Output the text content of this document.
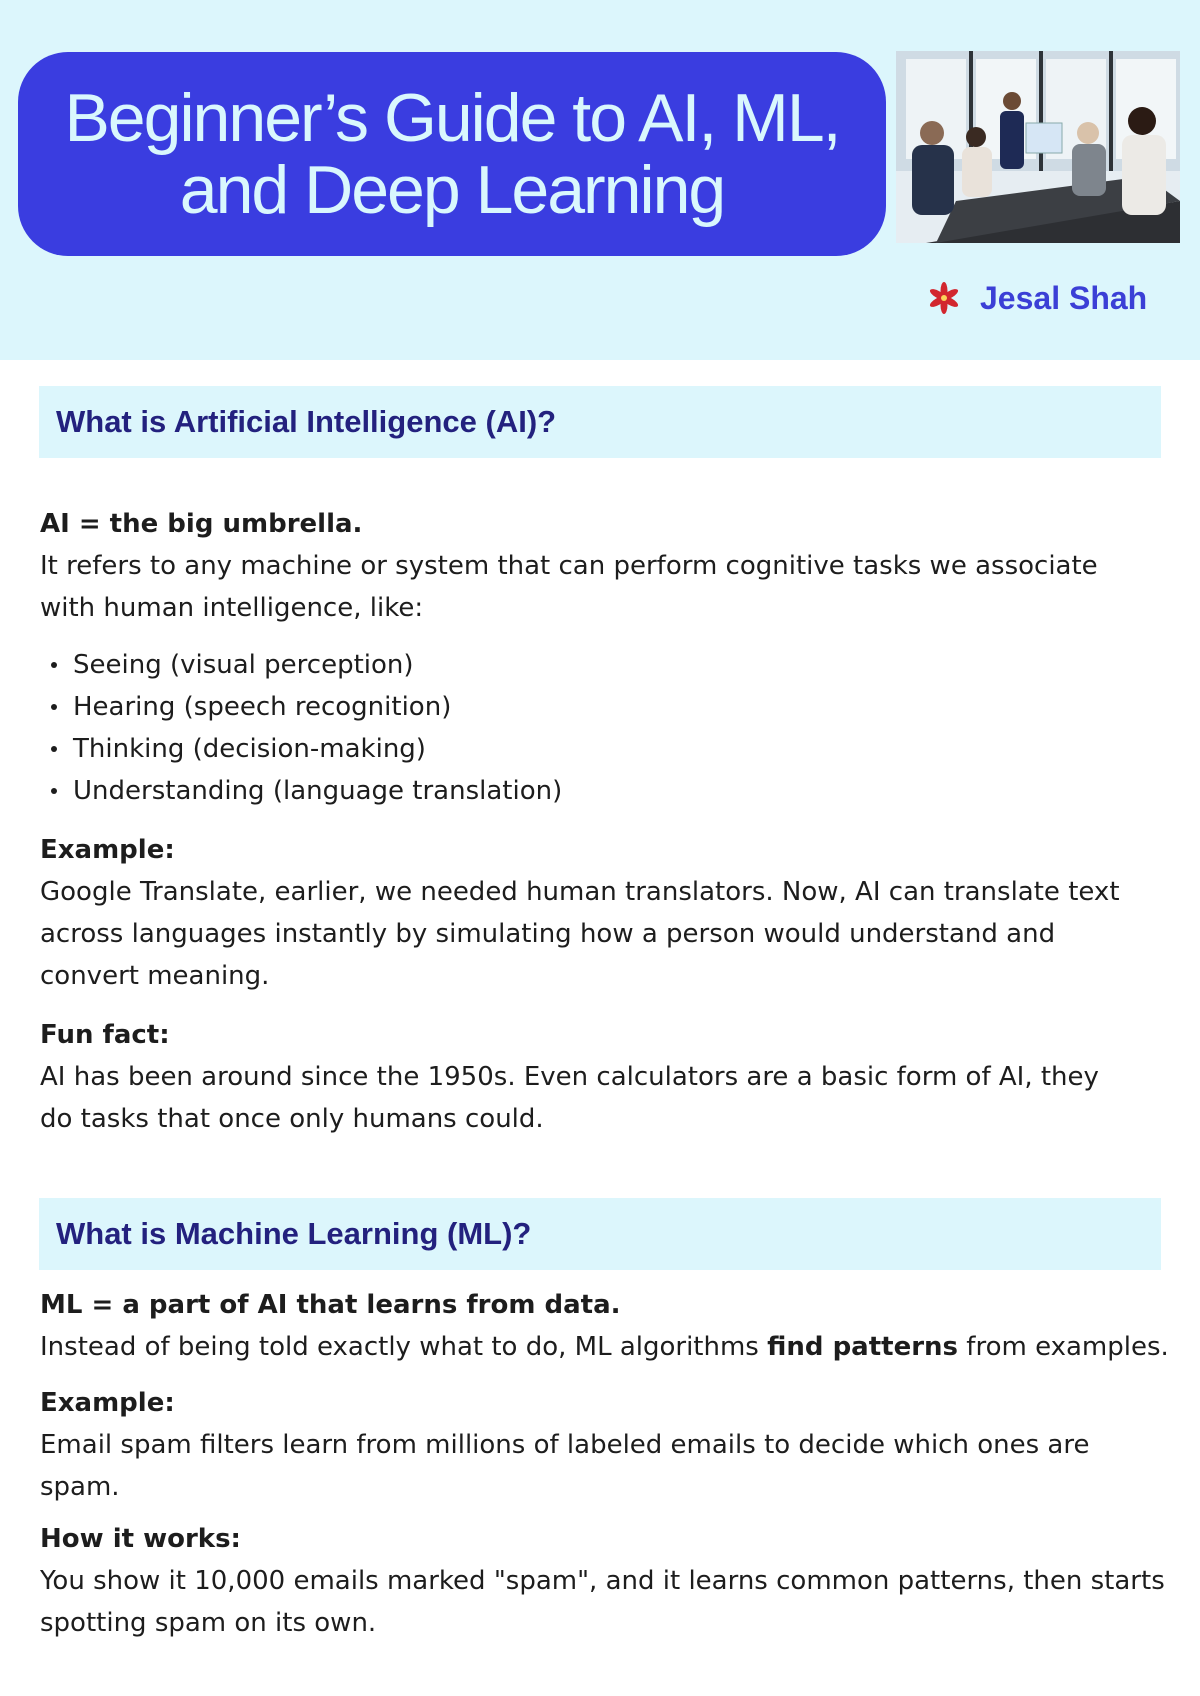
Beginner’s Guide to AI, ML,
and Deep Learning
Jesal Shah
What is Artificial Intelligence (AI)?
AI = the big umbrella.
It refers to any machine or system that can perform cognitive tasks we associate
with human intelligence, like:
Seeing (visual perception)
Hearing (speech recognition)
Thinking (decision-making)
Understanding (language translation)
Example:
Google Translate, earlier, we needed human translators. Now, AI can translate text
across languages instantly by simulating how a person would understand and
convert meaning.
Fun fact:
AI has been around since the 1950s. Even calculators are a basic form of AI, they
do tasks that once only humans could.
What is Machine Learning (ML)?
ML = a part of AI that learns from data.
Instead of being told exactly what to do, ML algorithms find patterns from examples.
Example:
Email spam filters learn from millions of labeled emails to decide which ones are
spam.
How it works:
You show it 10,000 emails marked "spam", and it learns common patterns, then starts
spotting spam on its own.
